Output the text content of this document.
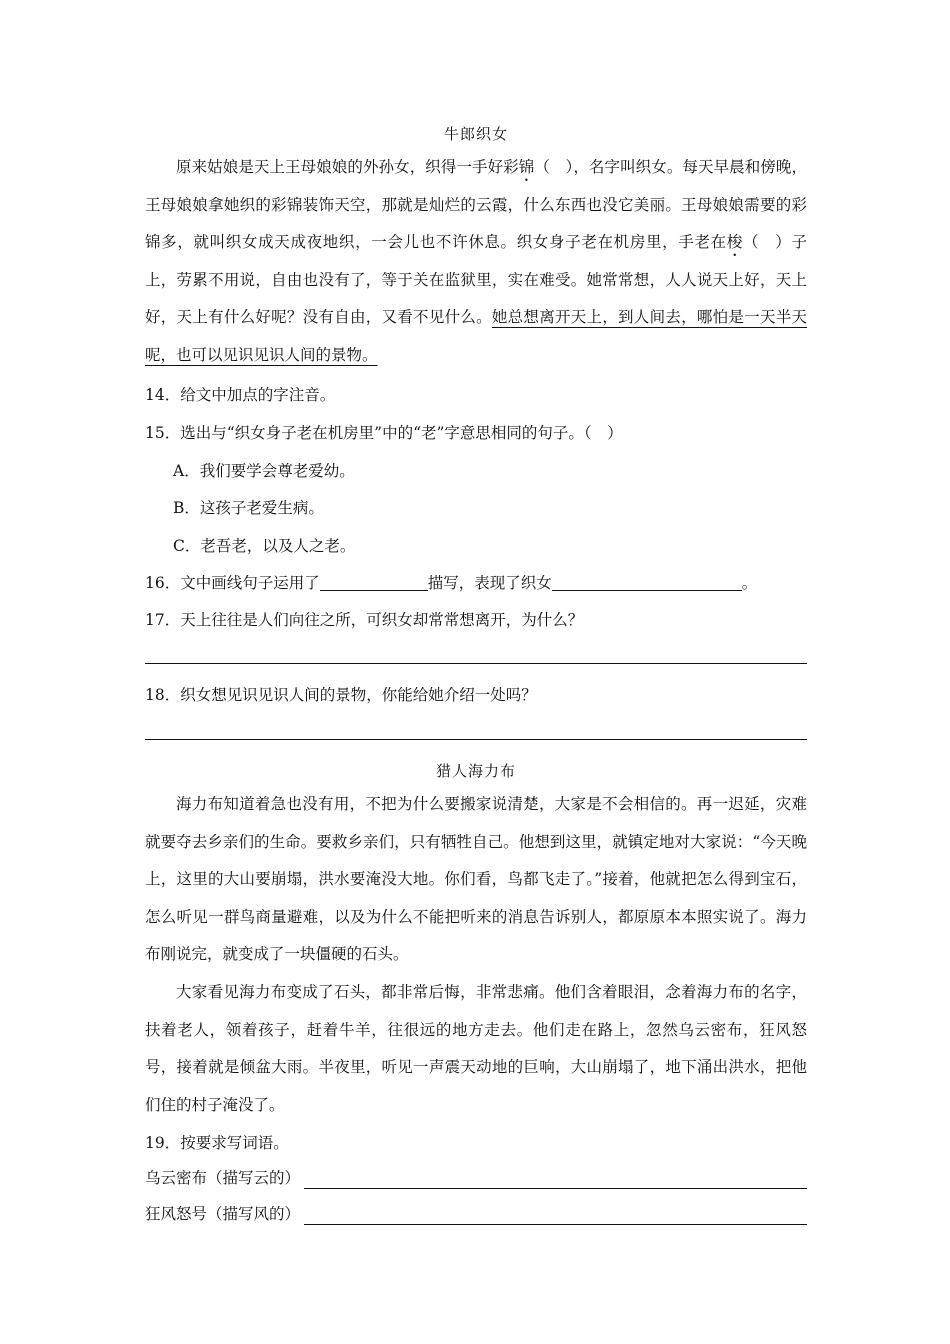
牛郎织女
原来姑娘是天上王母娘娘的外孙女，织得一手好彩锦（　），名字叫织女。每天早晨和傍晚，王母娘娘拿她织的彩锦装饰天空，那就是灿烂的云霞，什么东西也没它美丽。王母娘娘需要的彩锦多，就叫织女成天成夜地织，一会儿也不许休息。织女身子老在机房里，手老在梭（　）子上，劳累不用说，自由也没有了，等于关在监狱里，实在难受。她常常想，人人说天上好，天上好，天上有什么好呢？没有自由，又看不见什么。她总想离开天上，到人间去，哪怕是一天半天呢，也可以见识见识人间的景物。
14．给文中加点的字注音。
15．选出与“织女身子老在机房里”中的“老”字意思相同的句子。（　）
A．我们要学会尊老爱幼。
B．这孩子老爱生病。
C．老吾老，以及人之老。
16．文中画线句子运用了	描写，表现了织女	。
17．天上往往是人们向往之所，可织女却常常想离开，为什么？
18．织女想见识见识人间的景物，你能给她介绍一处吗？
猎人海力布
海力布知道着急也没有用，不把为什么要搬家说清楚，大家是不会相信的。再一迟延，灾难就要夺去乡亲们的生命。要救乡亲们，只有牺牲自己。他想到这里，就镇定地对大家说：“今天晚上，这里的大山要崩塌，洪水要淹没大地。你们看，鸟都飞走了。”接着，他就把怎么得到宝石，怎么听见一群鸟商量避难，以及为什么不能把听来的消息告诉别人，都原原本本照实说了。海力布刚说完，就变成了一块僵硬的石头。
大家看见海力布变成了石头，都非常后悔，非常悲痛。他们含着眼泪，念着海力布的名字，扶着老人，领着孩子，赶着牛羊，往很远的地方走去。他们走在路上，忽然乌云密布，狂风怒号，接着就是倾盆大雨。半夜里，听见一声震天动地的巨响，大山崩塌了，地下涌出洪水，把他们住的村子淹没了。
19．按要求写词语。
乌云密布（描写云的）
狂风怒号（描写风的）
